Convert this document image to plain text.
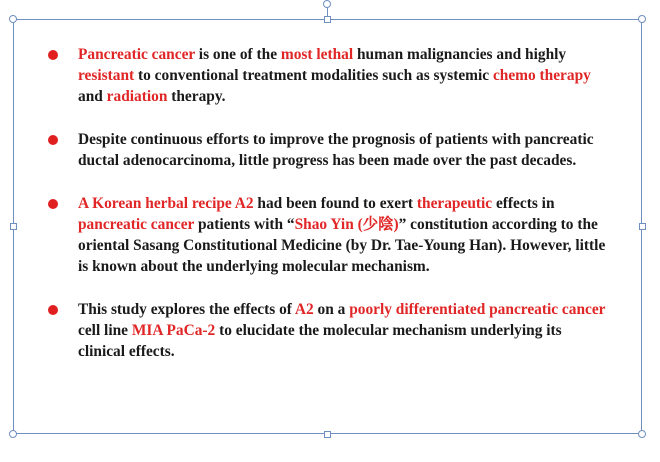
Pancreatic cancer is one of the most lethal human malignancies and highly resistant to conventional treatment modalities such as systemic chemo therapy and radiation therapy.
Despite continuous efforts to improve the prognosis of patients with pancreatic ductal adenocarcinoma, little progress has been made over the past decades.
A Korean herbal recipe A2 had been found to exert therapeutic effects in pancreatic cancer patients with “Shao Yin (少陰)” constitution according to the oriental Sasang Constitutional Medicine (by Dr. Tae-Young Han). However, little is known about the underlying molecular mechanism.
This study explores the effects of A2 on a poorly differentiated pancreatic cancer cell line MIA PaCa-2 to elucidate the molecular mechanism underlying its clinical effects.
